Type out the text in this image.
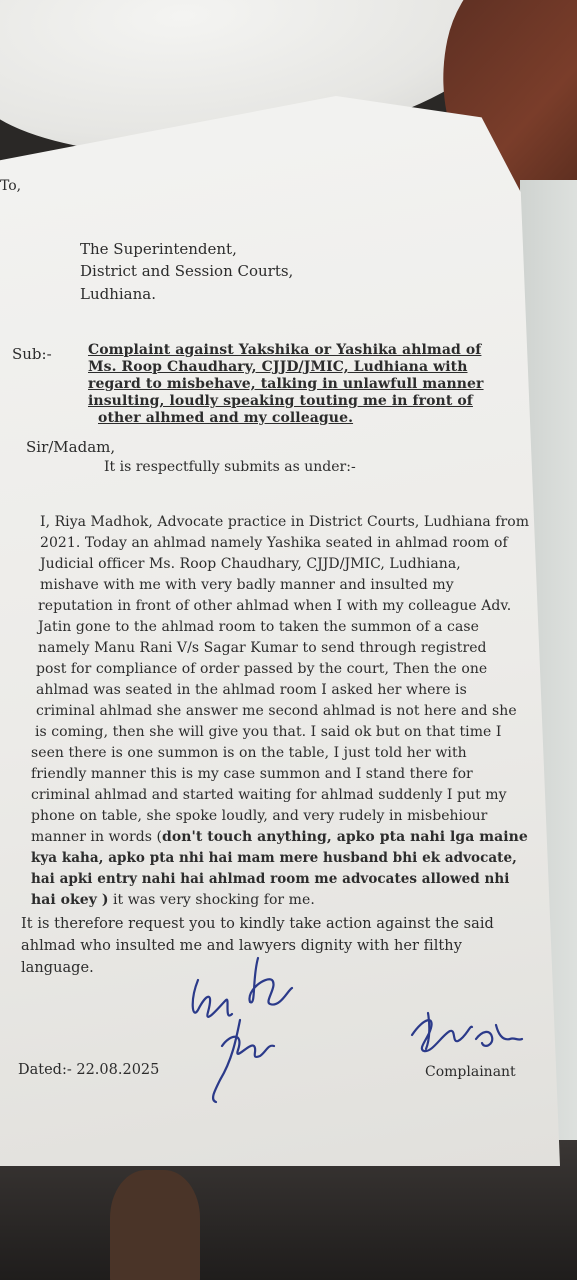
To,
The Superintendent,
District and Session Courts,
Ludhiana.
Sub:-	Complaint against Yakshika or Yashika ahlmad of
Ms. Roop Chaudhary, CJJD/JMIC, Ludhiana with
regard to misbehave, talking in unlawfull manner
insulting, loudly speaking touting me in front of
other alhmed and my colleague.
Sir/Madam,
It is respectfully submits as under:-
I, Riya Madhok, Advocate practice in District Courts, Ludhiana from
2021. Today an ahlmad namely Yashika seated in ahlmad room of
Judicial officer Ms. Roop Chaudhary, CJJD/JMIC, Ludhiana,
mishave with me with very badly manner and insulted my
reputation in front of other ahlmad when I with my colleague Adv.
Jatin gone to the ahlmad room to taken the summon of a case
namely Manu Rani V/s Sagar Kumar to send through registred
post for compliance of order passed by the court, Then the one
ahlmad was seated in the ahlmad room I asked her where is
criminal ahlmad she answer me second ahlmad is not here and she
is coming, then she will give you that. I said ok but on that time I
seen there is one summon is on the table, I just told her with
friendly manner this is my case summon and I stand there for
criminal ahlmad and started waiting for ahlmad suddenly I put my
phone on table, she spoke loudly, and very rudely in misbehiour
manner in words (don't touch anything, apko pta nahi lga maine
kya kaha, apko pta nhi hai mam mere husband bhi ek advocate,
hai apki entry nahi hai ahlmad room me advocates allowed nhi
hai okey ) it was very shocking for me.
It is therefore request you to kindly take action against the said
ahlmad who insulted me and lawyers dignity with her filthy
language.
Dated:- 22.08.2025	Complainant
